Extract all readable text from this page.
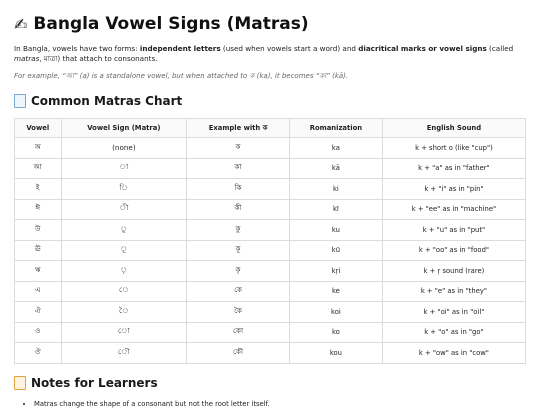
✍ Bangla Vowel Signs (Matras)

In Bangla, vowels have two forms: independent letters (used when vowels start a word) and diacritical marks or vowel signs (called matras, মাত্রা) that attach to consonants.

For example, “আ” (a) is a standalone vowel, but when attached to ক (ka), it becomes “কা” (kā).

Common Matras Chart
Vowel	Vowel Sign (Matra)	Example with ক	Romanization	English Sound
অ	(none)	ক	ka	k + short o (like "cup")
আ	া	কা	kā	k + "a" as in "father"
ই	ি	কি	ki	k + "i" as in "pin"
ঈ	ী	কী	kī	k + "ee" as in "machine"
উ	ু	কু	ku	k + "u" as in "put"
ঊ	ূ	কূ	kū	k + "oo" as in "food"
ঋ	ৃ	কৃ	kṛi	k + ṛ sound (rare)
এ	ে	কে	ke	k + "e" as in "they"
ঐ	ৈ	কৈ	koi	k + "oi" as in "oil"
ও	ো	কো	ko	k + "o" as in "go"
ঔ	ৌ	কৌ	kou	k + "ow" as in "cow"
Notes for Learners
• Matras change the shape of a consonant but not the root letter itself.
